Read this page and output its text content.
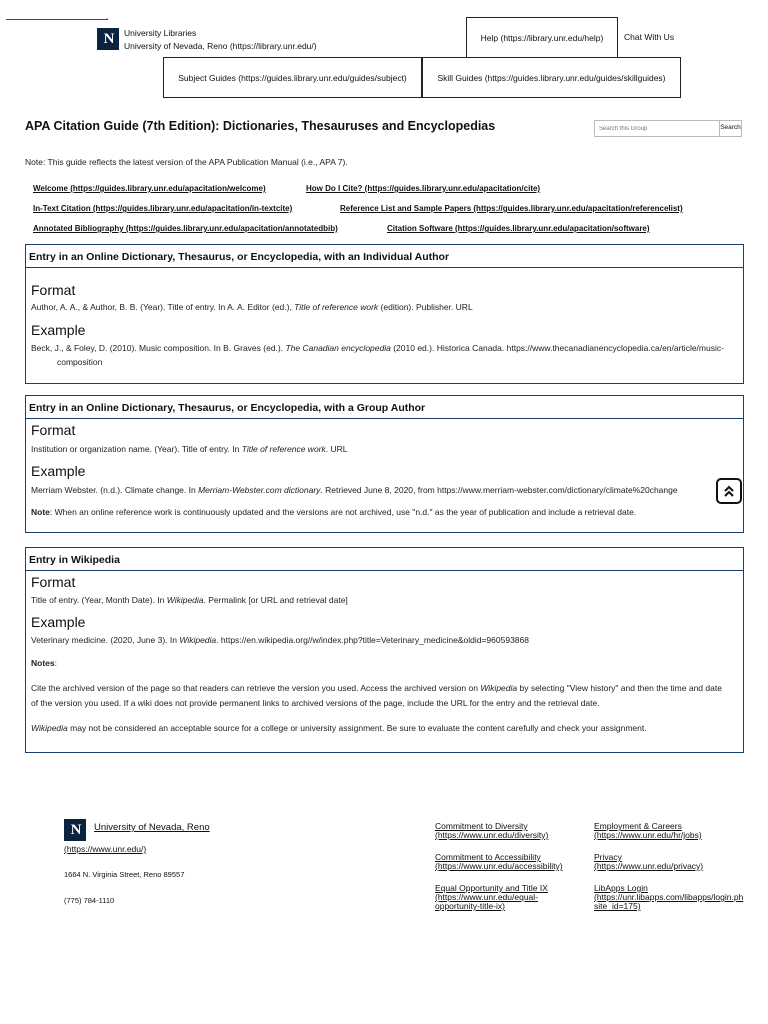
,
N	University Libraries
University of Nevada, Reno (https://library.unr.edu/)
Help (https://library.unr.edu/help) Chat With Us
Subject Guides (https://guides.library.unr.edu/guides/subject)	Skill Guides (https://guides.library.unr.edu/guides/skillguides)
Search this Group
Search
APA Citation Guide (7th Edition): Dictionaries, Thesauruses and Encyclopedias
Note: This guide reflects the latest version of the APA Publication Manual (i.e., APA 7).
Welcome (https://guides.library.unr.edu/apacitation/welcome)	How Do I Cite? (https://guides.library.unr.edu/apacitation/cite)
In-Text Citation (https://guides.library.unr.edu/apacitation/in-textcite)	Reference List and Sample Papers (https://guides.library.unr.edu/apacitation/referencelist)
Annotated Bibliography (https://guides.library.unr.edu/apacitation/annotatedbib)	Citation Software (https://guides.library.unr.edu/apacitation/software)
Entry in an Online Dictionary, Thesaurus, or Encyclopedia, with an Individual Author
Format

Author, A. A., & Author, B. B. (Year). Title of entry. In A. A. Editor (ed.), Title of reference work (edition). Publisher. URL

Example

Beck, J., & Foley, D. (2010). Music composition. In B. Graves (ed.). The Canadian encyclopedia (2010 ed.). Historica Canada. https://www.thecanadianencyclopedia.ca/en/article/music-

composition

Entry in an Online Dictionary, Thesaurus, or Encyclopedia, with a Group Author
Format

Institution or organization name. (Year). Title of entry. In Title of reference work. URL

Example

Merriam Webster. (n.d.). Climate change. In Merriam-Webster.com dictionary. Retrieved June 8, 2020, from https://www.merriam-webster.com/dictionary/climate%20change

Note: When an online reference work is continuously updated and the versions are not archived, use "n.d." as the year of publication and include a retrieval date.

Entry in Wikipedia
Format

Title of entry. (Year, Month Date). In Wikipedia. Permalink [or URL and retrieval date]

Example

Veterinary medicine. (2020, June 3). In Wikipedia. https://en.wikipedia.org//w/index.php?title=Veterinary_medicine&oldid=960593868

Notes:

Cite the archived version of the page so that readers can retrieve the version you used. Access the archived version on Wikipedia by selecting "View history" and then the time and date
of the version you used. If a wiki does not provide permanent links to archived versions of the page, include the URL for the entry and the retrieval date.

Wikipedia may not be considered an acceptable source for a college or university assignment. Be sure to evaluate the content carefully and check your assignment.

N	University of Nevada, Reno
(https://www.unr.edu/)
1664 N. Virginia Street, Reno 89557
(775) 784-1110
Commitment to Diversity
(https://www.unr.edu/diversity)
Commitment to Accessibility
(https://www.unr.edu/accessibility)
Equal Opportunity and Title IX
(https://www.unr.edu/equal-
opportunity-title-ix)
Employment & Careers
(https://www.unr.edu/hr/jobs)
Privacy
(https://www.unr.edu/privacy)
LibApps Login
(https://unr.libapps.com/libapps/login.ph
site_id=175)
